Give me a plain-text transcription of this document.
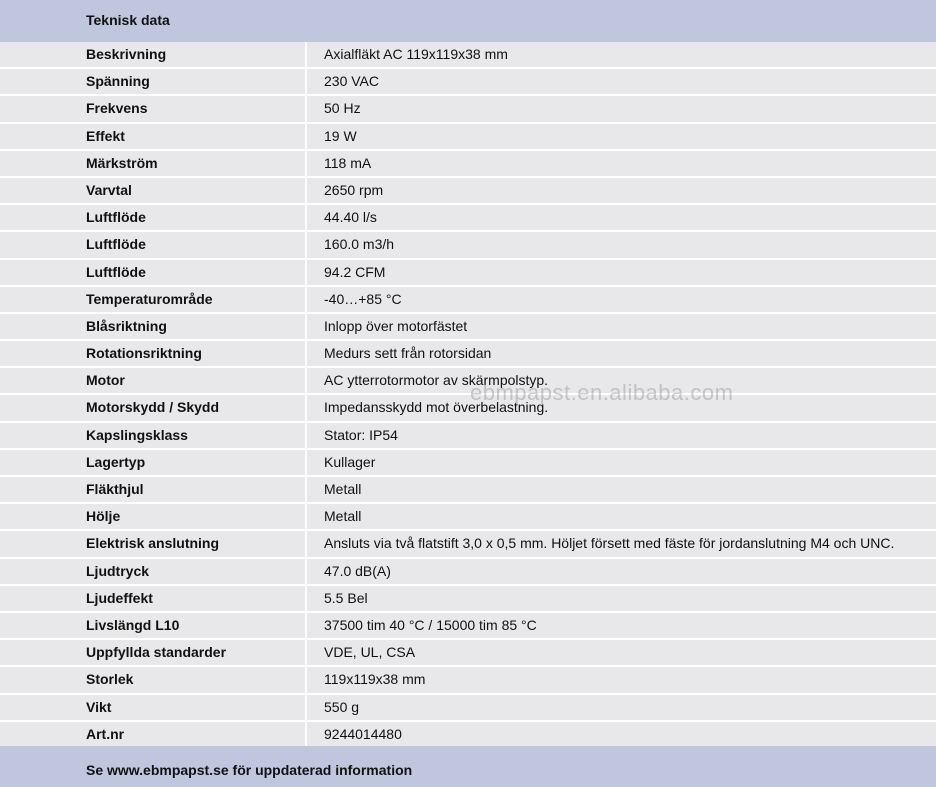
Teknisk data
Beskrivning	Axialfläkt AC 119x119x38 mm
Spänning	230 VAC
Frekvens	50 Hz
Effekt	19 W
Märkström	118 mA
Varvtal	2650 rpm
Luftflöde	44.40 l/s
Luftflöde	160.0 m3/h
Luftflöde	94.2 CFM
Temperaturområde	-40…+85 °C
Blåsriktning	Inlopp över motorfästet
Rotationsriktning	Medurs sett från rotorsidan
Motor	AC ytterrotormotor av skärmpolstyp.
Motorskydd / Skydd	Impedansskydd mot överbelastning.
Kapslingsklass	Stator: IP54
Lagertyp	Kullager
Fläkthjul	Metall
Hölje	Metall
Elektrisk anslutning	Ansluts via två flatstift 3,0 x 0,5 mm. Höljet försett med fäste för jordanslutning M4 och UNC.
Ljudtryck	47.0 dB(A)
Ljudeffekt	5.5 Bel
Livslängd L10	37500 tim 40 °C / 15000 tim 85 °C
Uppfyllda standarder	VDE, UL, CSA
Storlek	119x119x38 mm
Vikt	550 g
Art.nr	9244014480
Se www.ebmpapst.se för uppdaterad information
ebmpapst.en.alibaba.com
